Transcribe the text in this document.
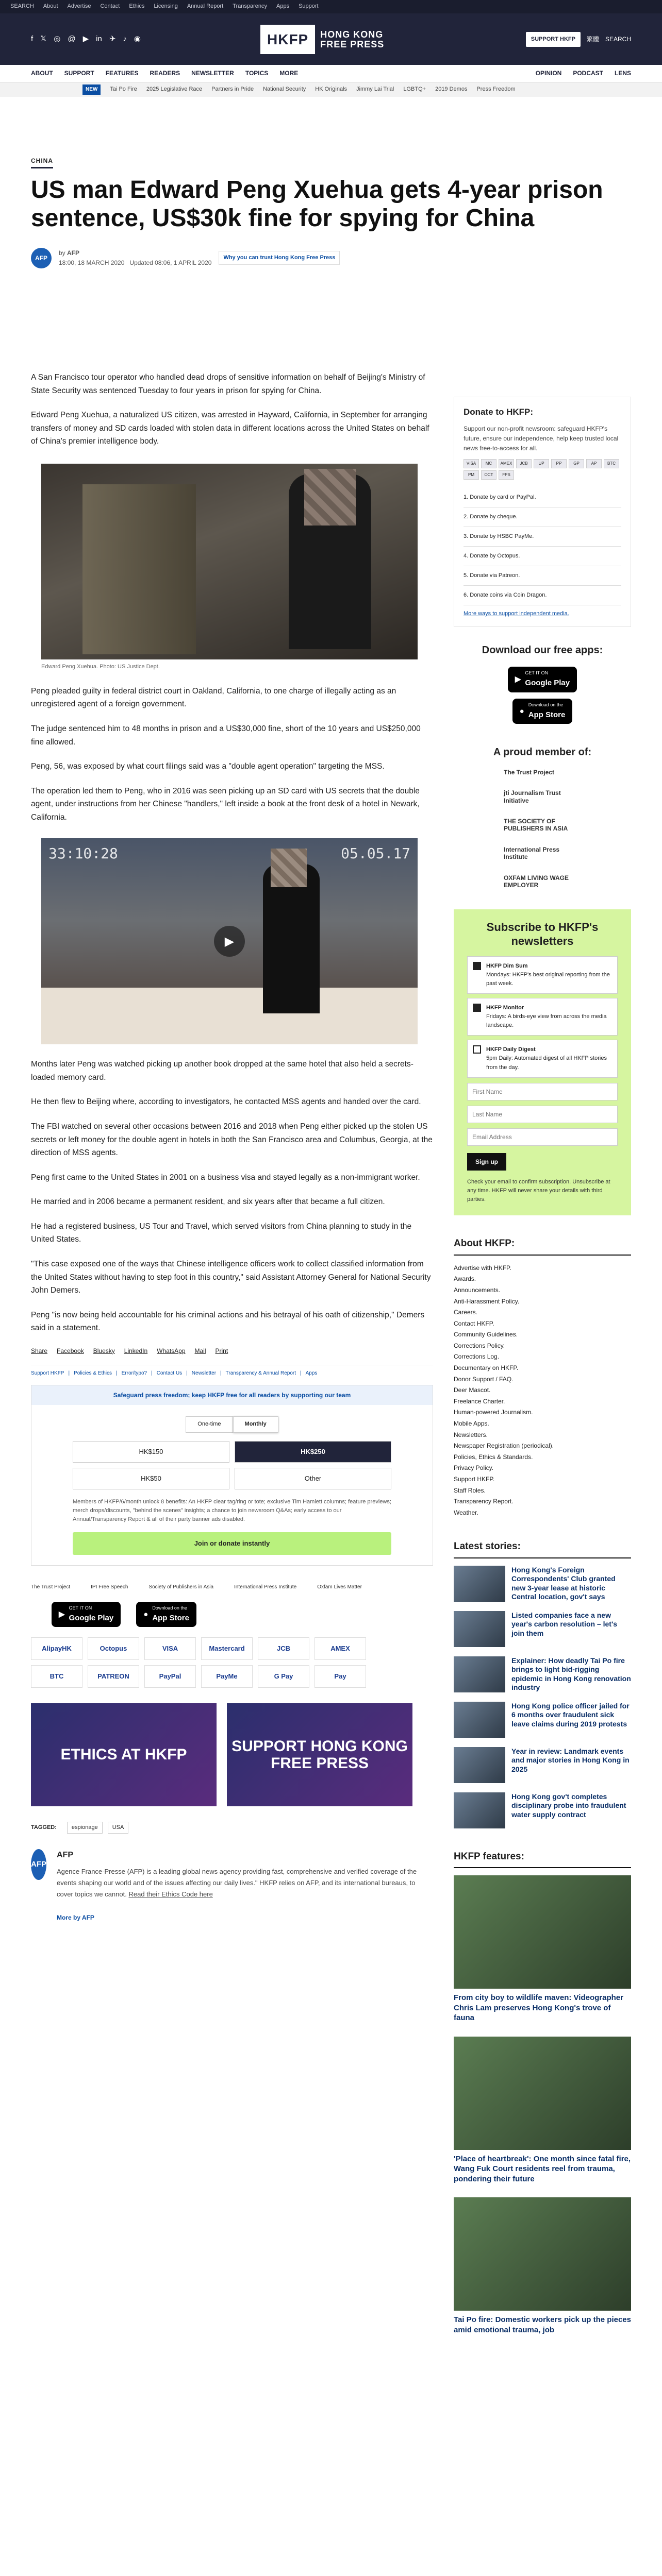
SEARCH About Advertise Contact Ethics Licensing Annual Report Transparency Apps Support
f 𝕏 ◎ @ ▶ in ✈ ♪ ◉	HKFP	HONG KONG
FREE PRESS	SUPPORT HKFP	繁體 SEARCH
ABOUT SUPPORT FEATURES READERS NEWSLETTER TOPICS MORE	OPINION PODCAST LENS
NEW	Tai Po Fire 2025 Legislative Race Partners in Pride National Security HK Originals Jimmy Lai Trial LGBTQ+ 2019 Demos Press Freedom
CHINA
US man Edward Peng Xuehua gets 4-year prison sentence, US$30k fine for spying for China
AFP
by AFP
18:00, 18 MARCH 2020 Updated 08:06, 1 APRIL 2020
Why you can trust Hong Kong Free Press

A San Francisco tour operator who handled dead drops of sensitive information on behalf of Beijing's Ministry of State Security was sentenced Tuesday to four years in prison for spying for China.

Edward Peng Xuehua, a naturalized US citizen, was arrested in Hayward, California, in September for arranging transfers of money and SD cards loaded with stolen data in different locations across the United States on behalf of China's premier intelligence body.

Edward Peng Xuehua. Photo: US Justice Dept.

Peng pleaded guilty in federal district court in Oakland, California, to one charge of illegally acting as an unregistered agent of a foreign government.

The judge sentenced him to 48 months in prison and a US$30,000 fine, short of the 10 years and US$250,000 fine allowed.

Peng, 56, was exposed by what court filings said was a "double agent operation" targeting the MSS.

The operation led them to Peng, who in 2016 was seen picking up an SD card with US secrets that the double agent, under instructions from her Chinese "handlers," left inside a book at the front desk of a hotel in Newark, California.

33:10:28	05.05.17
▶

Months later Peng was watched picking up another book dropped at the same hotel that also held a secrets-loaded memory card.

He then flew to Beijing where, according to investigators, he contacted MSS agents and handed over the card.

The FBI watched on several other occasions between 2016 and 2018 when Peng either picked up the stolen US secrets or left money for the double agent in hotels in both the San Francisco area and Columbus, Georgia, at the direction of MSS agents.

Peng first came to the United States in 2001 on a business visa and stayed legally as a non-immigrant worker.

He married and in 2006 became a permanent resident, and six years after that became a full citizen.

He had a registered business, US Tour and Travel, which served visitors from China planning to study in the United States.

"This case exposed one of the ways that Chinese intelligence officers work to collect classified information from the United States without having to step foot in this country," said Assistant Attorney General for National Security John Demers.

Peng "is now being held accountable for his criminal actions and his betrayal of his oath of citizenship," Demers said in a statement.

Share Facebook Bluesky LinkedIn WhatsApp Mail Print
Support HKFP | Policies & Ethics | Error/typo? | Contact Us | Newsletter | Transparency & Annual Report | Apps
Safeguard press freedom; keep HKFP free for all readers by supporting our team
One-time	Monthly
HK$150	HK$250
HK$50	Other
Members of HKFP/6/month unlock 8 benefits: An HKFP clear tag/ring or tote; exclusive Tim Hamlett columns; feature previews; merch drops/discounts, "behind the scenes" insights; a chance to join newsroom Q&As; early access to our Annual/Transparency Report & all of their party banner ads disabled.
Join or donate instantly
The Trust Project	IPI Free Speech	Society of Publishers in Asia	International Press Institute	Oxfam Lives Matter
▶
GET IT ON
Google Play	●
Download on the
App Store
AlipayHK	Octopus	VISA	Mastercard	JCB	AMEX
BTC	PATREON	PayPal	PayMe	G Pay	Pay
ETHICS AT HKFP	SUPPORT HONG KONG FREE PRESS
TAGGED:	espionage	USA
AFP
AFP

Agence France-Presse (AFP) is a leading global news agency providing fast, comprehensive and verified coverage of the events shaping our world and of the issues affecting our daily lives." HKFP relies on AFP, and its international bureaus, to cover topics we cannot. Read their Ethics Code here

More by AFP
Donate to HKFP:
Support our non-profit newsroom: safeguard HKFP's future, ensure our independence, help keep trusted local news free-to-access for all.
VISA	MC	AMEX	JCB	UP	PP	GP	AP	BTC
PM	OCT	FPS
1. Donate by card or PayPal.
2. Donate by cheque.
3. Donate by HSBC PayMe.
4. Donate by Octopus.
5. Donate via Patreon.
6. Donate coins via Coin Dragon.
More ways to support independent media.
Download our free apps:
▶
GET IT ON
Google Play
●
Download on the
App Store
A proud member of:
The Trust Project
jti Journalism Trust Initiative
THE SOCIETY OF PUBLISHERS IN ASIA
International Press Institute
OXFAM LIVING WAGE EMPLOYER
Subscribe to HKFP's newsletters
HKFP Dim Sum
Mondays: HKFP's best original reporting from the past week.
HKFP Monitor
Fridays: A birds-eye view from across the media landscape.
HKFP Daily Digest
5pm Daily: Automated digest of all HKFP stories from the day.
First Name
Last Name
Email Address Sign up
Check your email to confirm subscription. Unsubscribe at any time. HKFP will never share your details with third parties.
About HKFP:
Advertise with HKFP.
Awards.
Announcements.
Anti-Harassment Policy.
Careers.
Contact HKFP.
Community Guidelines.
Corrections Policy.
Corrections Log.
Documentary on HKFP.
Donor Support / FAQ.
Deer Mascot.
Freelance Charter.
Human-powered Journalism.
Mobile Apps.
Newsletters.
Newspaper Registration (periodical).
Policies, Ethics & Standards.
Privacy Policy.
Support HKFP.
Staff Roles.
Transparency Report.
Weather.
Latest stories:
Hong Kong's Foreign Correspondents' Club granted new 3-year lease at historic Central location, gov't says
Listed companies face a new year's carbon resolution – let's join them
Explainer: How deadly Tai Po fire brings to light bid-rigging epidemic in Hong Kong renovation industry
Hong Kong police officer jailed for 6 months over fraudulent sick leave claims during 2019 protests
Year in review: Landmark events and major stories in Hong Kong in 2025
Hong Kong gov't completes disciplinary probe into fraudulent water supply contract
HKFP features:
From city boy to wildlife maven: Videographer Chris Lam preserves Hong Kong's trove of fauna
'Place of heartbreak': One month since fatal fire, Wang Fuk Court residents reel from trauma, pondering their future
Tai Po fire: Domestic workers pick up the pieces amid emotional trauma, job
